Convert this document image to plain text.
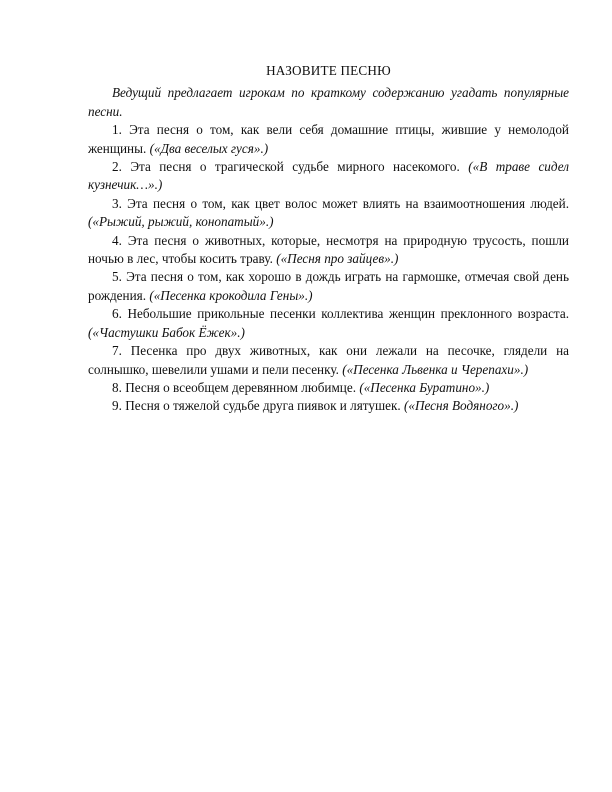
НАЗОВИТЕ ПЕСНЮ

Ведущий предлагает игрокам по краткому содержанию угадать популярные песни.

1. Эта песня о том, как вели себя домашние птицы, жившие у немолодой женщины. («Два веселых гуся».)

2. Эта песня о трагической судьбе мирного насекомого. («В траве сидел кузнечик…».)

3. Эта песня о том, как цвет волос может влиять на взаимоотношения людей. («Рыжий, рыжий, конопатый».)

4. Эта песня о животных, которые, несмотря на природную трусость, пошли ночью в лес, чтобы косить траву. («Песня про зайцев».)

5. Эта песня о том, как хорошо в дождь играть на гармошке, отмечая свой день рождения. («Песенка крокодила Гены».)

6. Небольшие прикольные песенки коллектива женщин преклонного возраста. («Частушки Бабок Ёжек».)

7. Песенка про двух животных, как они лежали на песочке, глядели на солнышко, шевелили ушами и пели песенку. («Песенка Львенка и Черепахи».)

8. Песня о всеобщем деревянном любимце. («Песенка Буратино».)

9. Песня о тяжелой судьбе друга пиявок и лятушек. («Песня Водяного».)
